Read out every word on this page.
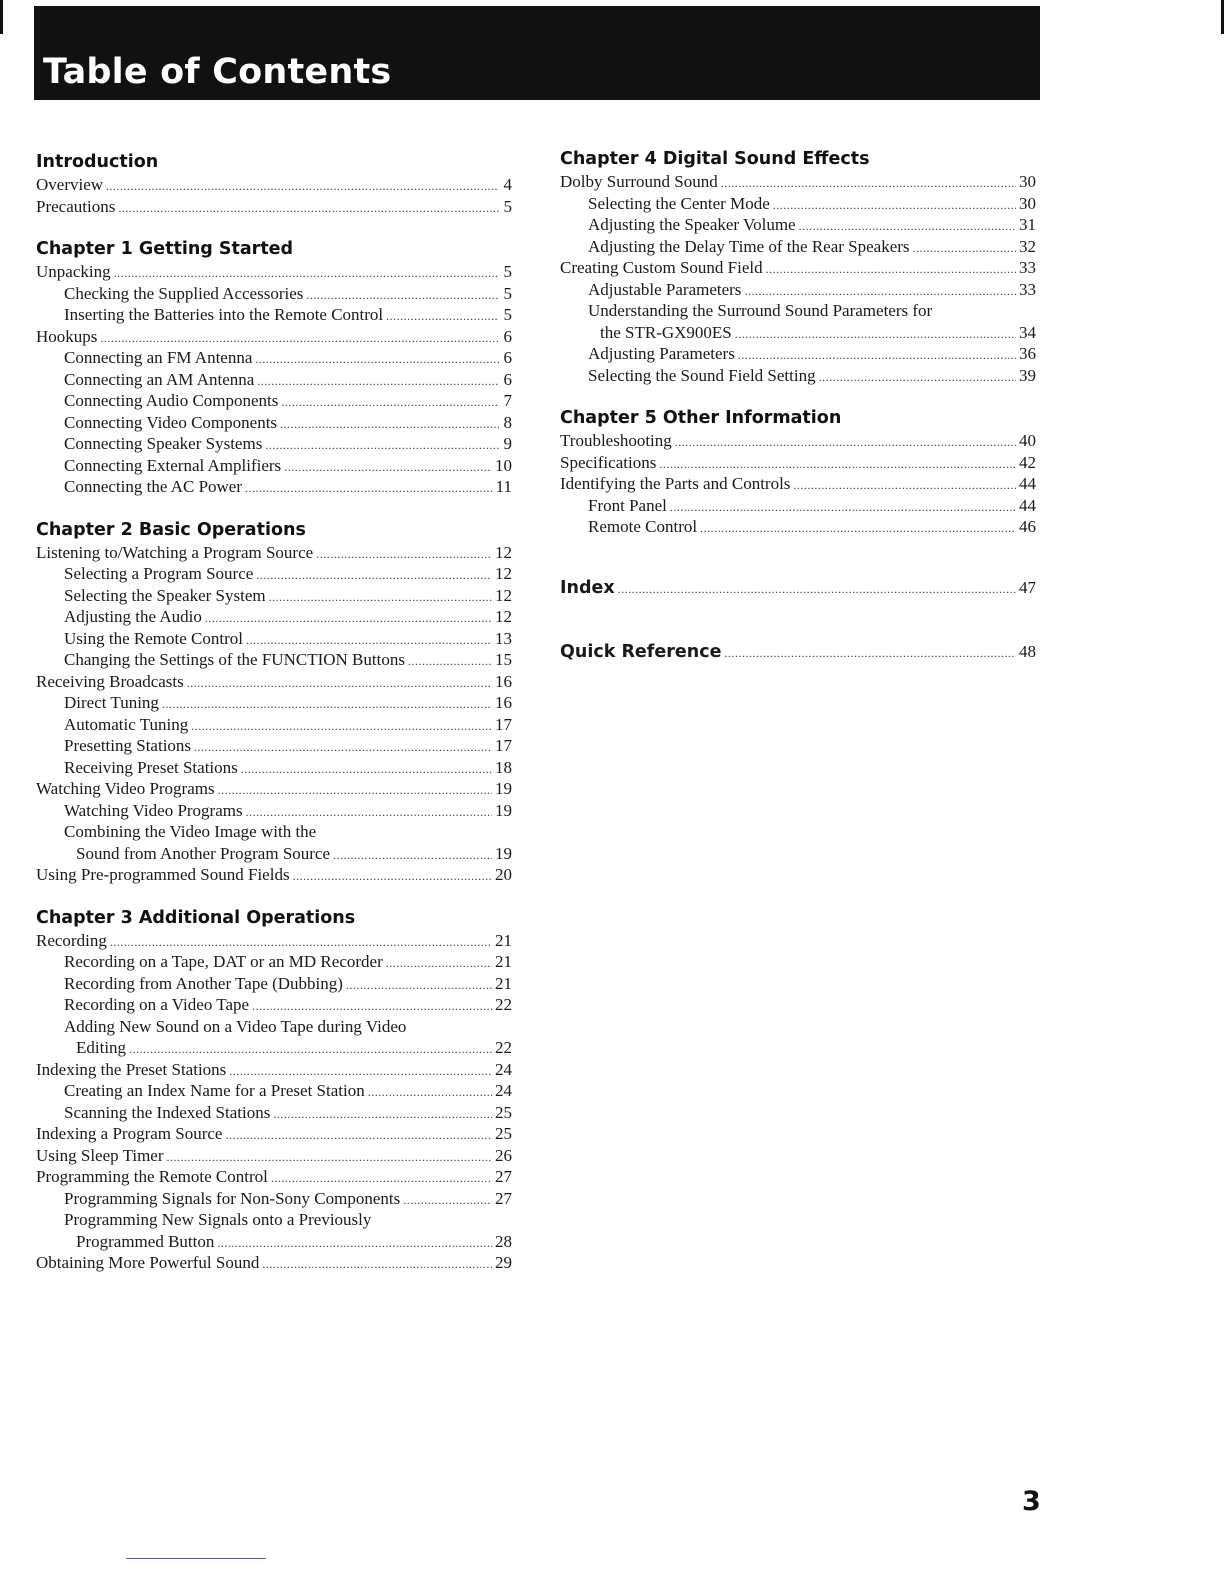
Table of Contents
Introduction
Overview .....	4
Precautions .....	5
Chapter 1 Getting Started
Unpacking .....	5
Checking the Supplied Accessories .....	5
Inserting the Batteries into the Remote Control .....	5
Hookups .....	6
Connecting an FM Antenna .....	6
Connecting an AM Antenna .....	6
Connecting Audio Components .....	7
Connecting Video Components .....	8
Connecting Speaker Systems .....	9
Connecting External Amplifiers .....	10
Connecting the AC Power .....	11
Chapter 2 Basic Operations
Listening to/Watching a Program Source .....	12
Selecting a Program Source .....	12
Selecting the Speaker System .....	12
Adjusting the Audio .....	12
Using the Remote Control .....	13
Changing the Settings of the FUNCTION Buttons .....	15
Receiving Broadcasts .....	16
Direct Tuning .....	16
Automatic Tuning .....	17
Presetting Stations .....	17
Receiving Preset Stations .....	18
Watching Video Programs .....	19
Watching Video Programs .....	19
Combining the Video Image with the
Sound from Another Program Source .....	19
Using Pre-programmed Sound Fields .....	20
Chapter 3 Additional Operations
Recording .....	21
Recording on a Tape, DAT or an MD Recorder .....	21
Recording from Another Tape (Dubbing) .....	21
Recording on a Video Tape .....	22
Adding New Sound on a Video Tape during Video
Editing .....	22
Indexing the Preset Stations .....	24
Creating an Index Name for a Preset Station .....	24
Scanning the Indexed Stations .....	25
Indexing a Program Source .....	25
Using Sleep Timer .....	26
Programming the Remote Control .....	27
Programming Signals for Non-Sony Components .....	27
Programming New Signals onto a Previously
Programmed Button .....	28
Obtaining More Powerful Sound .....	29
Chapter 4 Digital Sound Effects
Dolby Surround Sound .....	30
Selecting the Center Mode .....	30
Adjusting the Speaker Volume .....	31
Adjusting the Delay Time of the Rear Speakers .....	32
Creating Custom Sound Field .....	33
Adjustable Parameters .....	33
Understanding the Surround Sound Parameters for
the STR-GX900ES .....	34
Adjusting Parameters .....	36
Selecting the Sound Field Setting .....	39
Chapter 5 Other Information
Troubleshooting .....	40
Specifications .....	42
Identifying the Parts and Controls .....	44
Front Panel .....	44
Remote Control .....	46
Index .....	47
Quick Reference .....	48
3
